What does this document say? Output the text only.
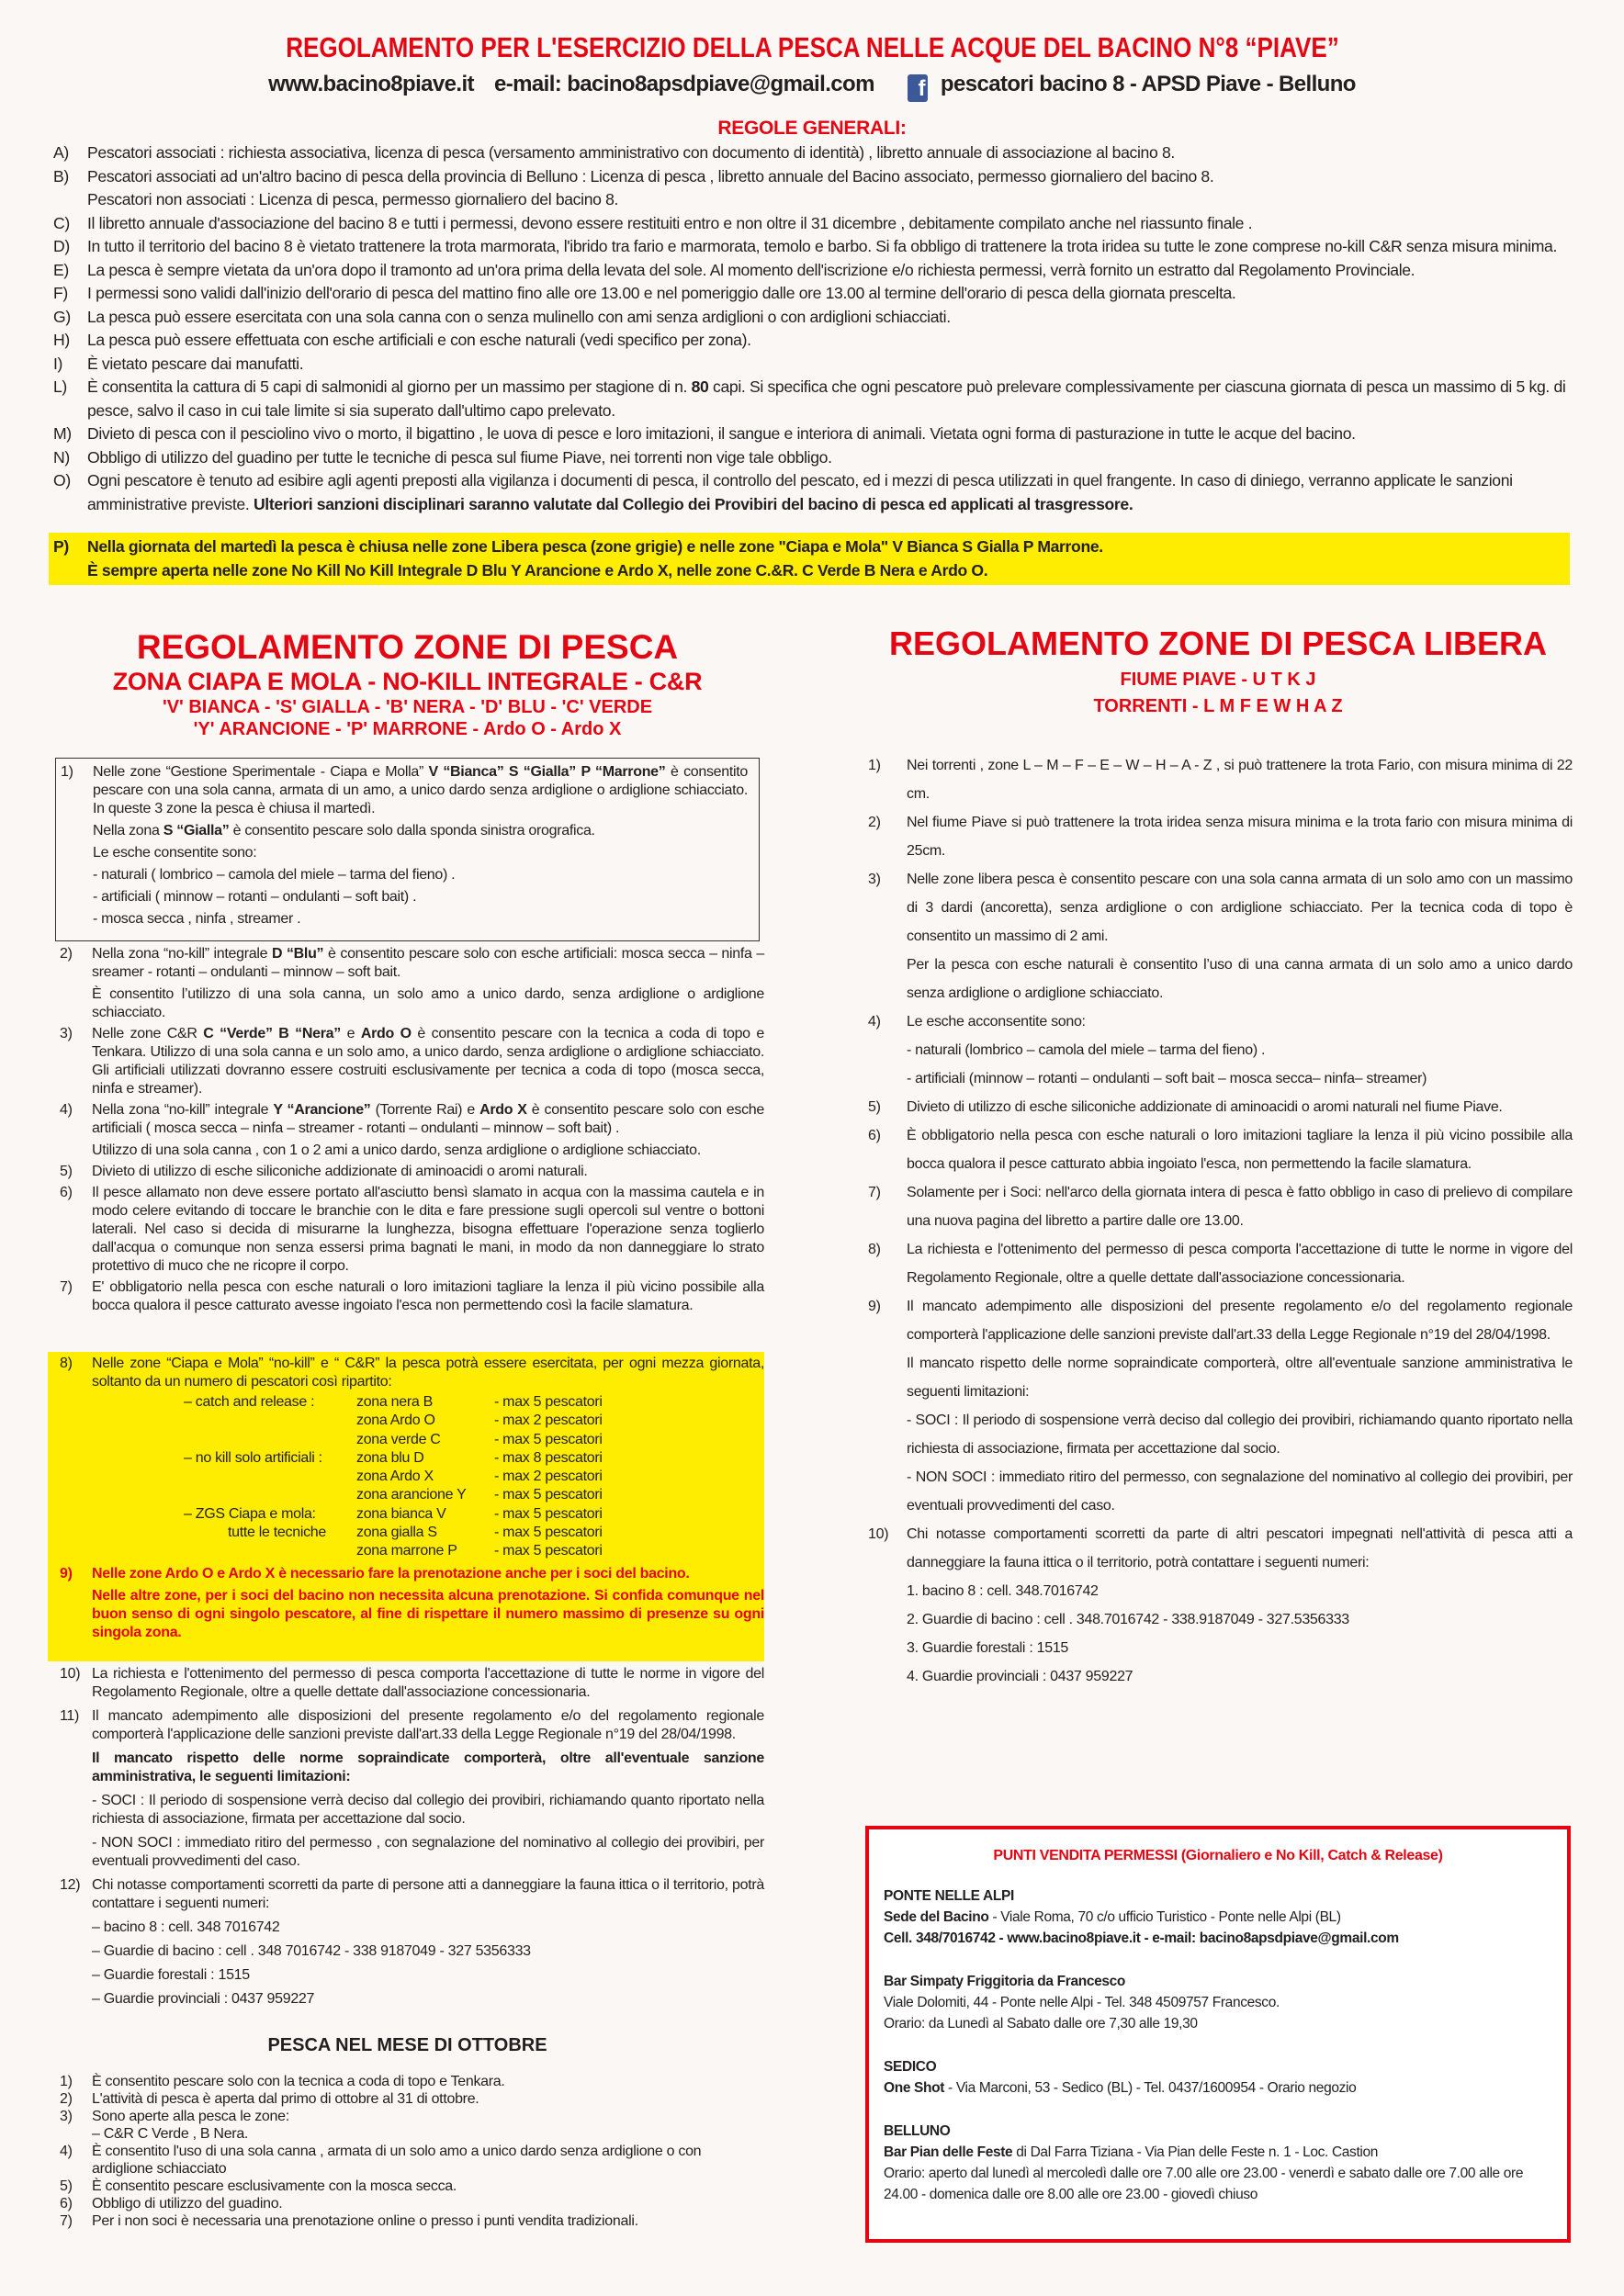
REGOLAMENTO PER L'ESERCIZIO DELLA PESCA NELLE ACQUE DEL BACINO N°8 “PIAVE”
www.bacino8piave.it e-mail: bacino8apsdpiave@gmail.com f pescatori bacino 8 - APSD Piave - Belluno
REGOLE GENERALI:
A)	Pescatori associati : richiesta associativa, licenza di pesca (versamento amministrativo con documento di identità) , libretto annuale di associazione al bacino 8.

B)	Pescatori associati ad un'altro bacino di pesca della provincia di Belluno : Licenza di pesca , libretto annuale del Bacino associato, permesso giornaliero del bacino 8.

Pescatori non associati : Licenza di pesca, permesso giornaliero del bacino 8.

C)	Il libretto annuale d'associazione del bacino 8 e tutti i permessi, devono essere restituiti entro e non oltre il 31 dicembre , debitamente compilato anche nel riassunto finale .

D)	In tutto il territorio del bacino 8 è vietato trattenere la trota marmorata, l'ibrido tra fario e marmorata, temolo e barbo. Si fa obbligo di trattenere la trota iridea su tutte le zone comprese no-kill C&R senza misura minima.

E)	La pesca è sempre vietata da un'ora dopo il tramonto ad un'ora prima della levata del sole. Al momento dell'iscrizione e/o richiesta permessi, verrà fornito un estratto dal Regolamento Provinciale.

F)	I permessi sono validi dall'inizio dell'orario di pesca del mattino fino alle ore 13.00 e nel pomeriggio dalle ore 13.00 al termine dell'orario di pesca della giornata prescelta.

G)	La pesca può essere esercitata con una sola canna con o senza mulinello con ami senza ardiglioni o con ardiglioni schiacciati.

H)	La pesca può essere effettuata con esche artificiali e con esche naturali (vedi specifico per zona).

I)	È vietato pescare dai manufatti.

L)	È consentita la cattura di 5 capi di salmonidi al giorno per un massimo per stagione di n. 80 capi. Si specifica che ogni pescatore può prelevare complessivamente per ciascuna giornata di pesca un massimo di 5 kg. di pesce, salvo il caso in cui tale limite si sia superato dall'ultimo capo prelevato.

M) Divieto di pesca con il pesciolino vivo o morto, il bigattino , le uova di pesce e loro imitazioni, il sangue e interiora di animali. Vietata ogni forma di pasturazione in tutte le acque del bacino.

N)	Obbligo di utilizzo del guadino per tutte le tecniche di pesca sul fiume Piave, nei torrenti non vige tale obbligo.

O)	Ogni pescatore è tenuto ad esibire agli agenti preposti alla vigilanza i documenti di pesca, il controllo del pescato, ed i mezzi di pesca utilizzati in quel frangente. In caso di diniego, verranno applicate le sanzioni amministrative previste. Ulteriori sanzioni disciplinari saranno valutate dal Collegio dei Provibiri del bacino di pesca ed applicati al trasgressore.

P)	Nella giornata del martedì la pesca è chiusa nelle zone Libera pesca (zone grigie) e nelle zone "Ciapa e Mola" V Bianca S Gialla P Marrone.

È sempre aperta nelle zone No Kill No Kill Integrale D Blu Y Arancione e Ardo X, nelle zone C.&R. C Verde B Nera e Ardo O.

REGOLAMENTO ZONE DI PESCA
ZONA CIAPA E MOLA - NO-KILL INTEGRALE - C&R
'V' BIANCA - 'S' GIALLA - 'B' NERA - 'D' BLU - 'C' VERDE
'Y' ARANCIONE - 'P' MARRONE - Ardo O - Ardo X
1)	Nelle zone “Gestione Sperimentale - Ciapa e Molla” V “Bianca” S “Gialla” P “Marrone” è consentito pescare con una sola canna, armata di un amo, a unico dardo senza ardiglione o ardiglione schiacciato. In queste 3 zone la pesca è chiusa il martedì.

Nella zona S “Gialla” è consentito pescare solo dalla sponda sinistra orografica.

Le esche consentite sono:

- naturali ( lombrico – camola del miele – tarma del fieno) .

- artificiali ( minnow – rotanti – ondulanti – soft bait) .

- mosca secca , ninfa , streamer .

2)	Nella zona “no-kill” integrale D “Blu” è consentito pescare solo con esche artificiali: mosca secca – ninfa – sreamer - rotanti – ondulanti – minnow – soft bait.

È consentito l’utilizzo di una sola canna, un solo amo a unico dardo, senza ardiglione o ardiglione schiacciato.

3)	Nelle zone C&R C “Verde” B “Nera” e Ardo O è consentito pescare con la tecnica a coda di topo e Tenkara. Utilizzo di una sola canna e un solo amo, a unico dardo, senza ardiglione o ardiglione schiacciato. Gli artificiali utilizzati dovranno essere costruiti esclusivamente per tecnica a coda di topo (mosca secca, ninfa e streamer).

4)	Nella zona “no-kill” integrale Y “Arancione” (Torrente Rai) e Ardo X è consentito pescare solo con esche artificiali ( mosca secca – ninfa – streamer - rotanti – ondulanti – minnow – soft bait) .

Utilizzo di una sola canna , con 1 o 2 ami a unico dardo, senza ardiglione o ardiglione schiacciato.

5)	Divieto di utilizzo di esche siliconiche addizionate di aminoacidi o aromi naturali.

6)	Il pesce allamato non deve essere portato all'asciutto bensì slamato in acqua con la massima cautela e in modo celere evitando di toccare le branchie con le dita e fare pressione sugli opercoli sul ventre o bottoni laterali. Nel caso si decida di misurarne la lunghezza, bisogna effettuare l'operazione senza toglierlo dall'acqua o comunque non senza essersi prima bagnati le mani, in modo da non danneggiare lo strato protettivo di muco che ne ricopre il corpo.

7)	E' obbligatorio nella pesca con esche naturali o loro imitazioni tagliare la lenza il più vicino possibile alla bocca qualora il pesce catturato avesse ingoiato l'esca non permettendo così la facile slamatura.

8)	Nelle zone “Ciapa e Mola” “no-kill” e “ C&R” la pesca potrà essere esercitata, per ogni mezza giornata, soltanto da un numero di pescatori così ripartito:

– catch and release :	zona nera B	- max 5 pescatori
zona Ardo O	- max 2 pescatori
zona verde C	- max 5 pescatori
– no kill solo artificiali :	zona blu D	- max 8 pescatori
zona Ardo X	- max 2 pescatori
zona arancione Y	- max 5 pescatori
– ZGS Ciapa e mola:	zona bianca V	- max 5 pescatori
tutte le tecniche	zona gialla S	- max 5 pescatori
zona marrone P	- max 5 pescatori
9)	Nelle zone Ardo O e Ardo X è necessario fare la prenotazione anche per i soci del bacino.

Nelle altre zone, per i soci del bacino non necessita alcuna prenotazione. Si confida comunque nel buon senso di ogni singolo pescatore, al fine di rispettare il numero massimo di presenze su ogni singola zona.

10) La richiesta e l'ottenimento del permesso di pesca comporta l'accettazione di tutte le norme in vigore del Regolamento Regionale, oltre a quelle dettate dall'associazione concessionaria.

11) Il mancato adempimento alle disposizioni del presente regolamento e/o del regolamento regionale comporterà l'applicazione delle sanzioni previste dall'art.33 della Legge Regionale n°19 del 28/04/1998.

Il mancato rispetto delle norme sopraindicate comporterà, oltre all'eventuale sanzione amministrativa, le seguenti limitazioni:

- SOCI : Il periodo di sospensione verrà deciso dal collegio dei provibiri, richiamando quanto riportato nella richiesta di associazione, firmata per accettazione dal socio.

- NON SOCI : immediato ritiro del permesso , con segnalazione del nominativo al collegio dei provibiri, per eventuali provvedimenti del caso.

12) Chi notasse comportamenti scorretti da parte di persone atti a danneggiare la fauna ittica o il territorio, potrà contattare i seguenti numeri:

– bacino 8 : cell. 348 7016742

– Guardie di bacino : cell . 348 7016742 - 338 9187049 - 327 5356333

– Guardie forestali : 1515

– Guardie provinciali : 0437 959227

PESCA NEL MESE DI OTTOBRE
1)	È consentito pescare solo con la tecnica a coda di topo e Tenkara.

2)	L'attività di pesca è aperta dal primo di ottobre al 31 di ottobre.

3)	Sono aperte alla pesca le zone:

– C&R C Verde , B Nera.

4)	È consentito l'uso di una sola canna , armata di un solo amo a unico dardo senza ardiglione o con ardiglione schiacciato

5)	È consentito pescare esclusivamente con la mosca secca.

6)	Obbligo di utilizzo del guadino.

7)	Per i non soci è necessaria una prenotazione online o presso i punti vendita tradizionali.

REGOLAMENTO ZONE DI PESCA LIBERA
FIUME PIAVE - U T K J
TORRENTI - L M F E W H A Z
1)	Nei torrenti , zone L – M – F – E – W – H – A - Z , si può trattenere la trota Fario, con misura minima di 22 cm.

2)	Nel fiume Piave si può trattenere la trota iridea senza misura minima e la trota fario con misura minima di 25cm.

3)	Nelle zone libera pesca è consentito pescare con una sola canna armata di un solo amo con un massimo di 3 dardi (ancoretta), senza ardiglione o con ardiglione schiacciato. Per la tecnica coda di topo è consentito un massimo di 2 ami.

Per la pesca con esche naturali è consentito l’uso di una canna armata di un solo amo a unico dardo senza ardiglione o ardiglione schiacciato.

4)	Le esche acconsentite sono:

- naturali (lombrico – camola del miele – tarma del fieno) .

- artificiali (minnow – rotanti – ondulanti – soft bait – mosca secca– ninfa– streamer)

5)	Divieto di utilizzo di esche siliconiche addizionate di aminoacidi o aromi naturali nel fiume Piave.

6)	È obbligatorio nella pesca con esche naturali o loro imitazioni tagliare la lenza il più vicino possibile alla bocca qualora il pesce catturato abbia ingoiato l'esca, non permettendo la facile slamatura.

7)	Solamente per i Soci: nell'arco della giornata intera di pesca è fatto obbligo in caso di prelievo di compilare una nuova pagina del libretto a partire dalle ore 13.00.

8)	La richiesta e l'ottenimento del permesso di pesca comporta l'accettazione di tutte le norme in vigore del Regolamento Regionale, oltre a quelle dettate dall'associazione concessionaria.

9)	Il mancato adempimento alle disposizioni del presente regolamento e/o del regolamento regionale comporterà l'applicazione delle sanzioni previste dall'art.33 della Legge Regionale n°19 del 28/04/1998.

Il mancato rispetto delle norme sopraindicate comporterà, oltre all'eventuale sanzione amministrativa le seguenti limitazioni:

- SOCI : Il periodo di sospensione verrà deciso dal collegio dei provibiri, richiamando quanto riportato nella richiesta di associazione, firmata per accettazione dal socio.

- NON SOCI : immediato ritiro del permesso, con segnalazione del nominativo al collegio dei provibiri, per eventuali provvedimenti del caso.

10)	Chi notasse comportamenti scorretti da parte di altri pescatori impegnati nell'attività di pesca atti a danneggiare la fauna ittica o il territorio, potrà contattare i seguenti numeri:

1. bacino 8 : cell. 348.7016742

2. Guardie di bacino : cell . 348.7016742 - 338.9187049 - 327.5356333

3. Guardie forestali : 1515

4. Guardie provinciali : 0437 959227

PUNTI VENDITA PERMESSI (Giornaliero e No Kill, Catch & Release)
PONTE NELLE ALPI
Sede del Bacino - Viale Roma, 70 c/o ufficio Turistico - Ponte nelle Alpi (BL)
Cell. 348/7016742 - www.bacino8piave.it - e-mail: bacino8apsdpiave@gmail.com
Bar Simpaty Friggitoria da Francesco
Viale Dolomiti, 44 - Ponte nelle Alpi - Tel. 348 4509757 Francesco.
Orario: da Lunedì al Sabato dalle ore 7,30 alle 19,30
SEDICO
One Shot - Via Marconi, 53 - Sedico (BL) - Tel. 0437/1600954 - Orario negozio
BELLUNO
Bar Pian delle Feste di Dal Farra Tiziana - Via Pian delle Feste n. 1 - Loc. Castion
Orario: aperto dal lunedì al mercoledì dalle ore 7.00 alle ore 23.00 - venerdì e sabato dalle ore 7.00 alle ore 24.00 - domenica dalle ore 8.00 alle ore 23.00 - giovedì chiuso
